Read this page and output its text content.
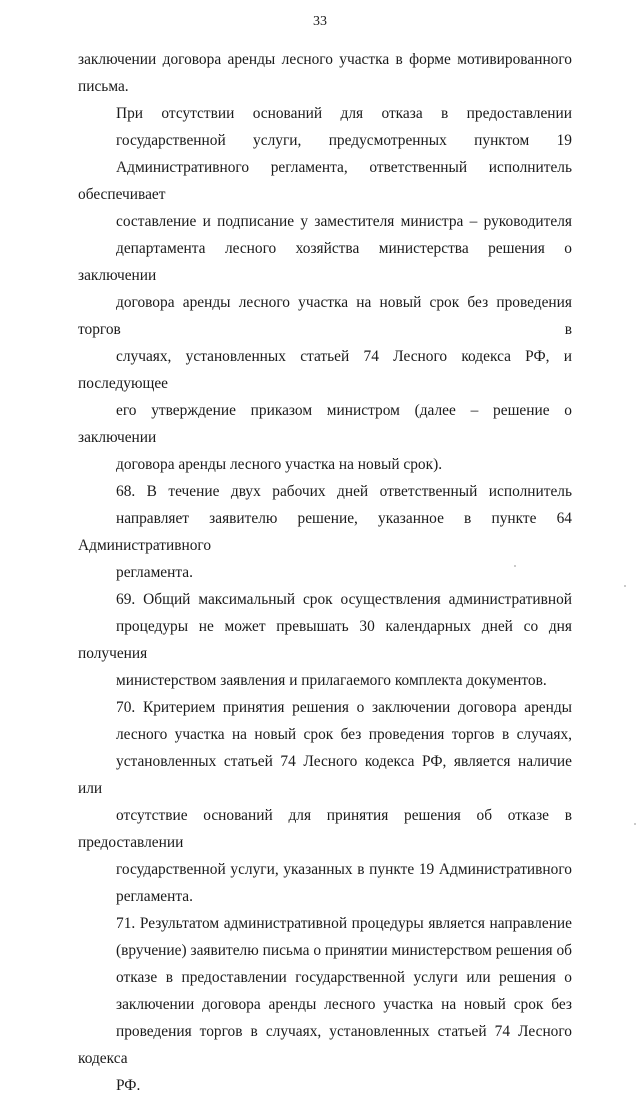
33

заключении договора аренды лесного участка в форме мотивированного
письма.

При отсутствии оснований для отказа в предоставлении
государственной услуги, предусмотренных пунктом 19
Административного регламента, ответственный исполнитель обеспечивает
составление и подписание у заместителя министра – руководителя
департамента лесного хозяйства министерства решения о заключении
договора аренды лесного участка на новый срок без проведения торгов в
случаях, установленных статьей 74 Лесного кодекса РФ, и последующее
его утверждение приказом министром (далее – решение о заключении
договора аренды лесного участка на новый срок).

68. В течение двух рабочих дней ответственный исполнитель
направляет заявителю решение, указанное в пункте 64 Административного
регламента.

69. Общий максимальный срок осуществления административной
процедуры не может превышать 30 календарных дней со дня получения
министерством заявления и прилагаемого комплекта документов.

70. Критерием принятия решения о заключении договора аренды
лесного участка на новый срок без проведения торгов в случаях,
установленных статьей 74 Лесного кодекса РФ, является наличие или
отсутствие оснований для принятия решения об отказе в предоставлении
государственной услуги, указанных в пункте 19 Административного
регламента.

71. Результатом административной процедуры является направление
(вручение) заявителю письма о принятии министерством решения об
отказе в предоставлении государственной услуги или решения о
заключении договора аренды лесного участка на новый срок без
проведения торгов в случаях, установленных статьей 74 Лесного кодекса
РФ.
